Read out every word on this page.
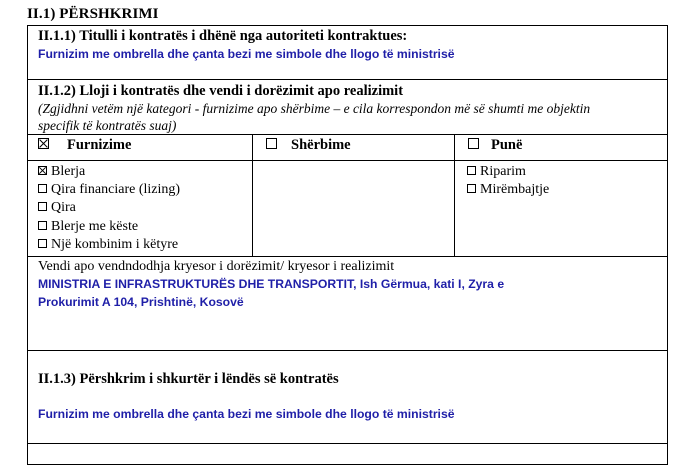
II.1) PËRSHKRIMI
II.1.1) Titulli i kontratës i dhënë nga autoriteti kontraktues:
Furnizim me ombrella dhe çanta bezi me simbole dhe llogo të ministrisë
II.1.2) Lloji i kontratës dhe vendi i dorëzimit apo realizimit
(Zgjidhni vetëm një kategori - furnizime apo shërbime – e cila korrespondon më së shumti me objektin
specifik të kontratës suaj)
Furnizime	Shërbime	Punë
Blerja
Qira financiare (lizing)
Qira
Blerje me këste
Një kombinim i këtyre
Riparim
Mirëmbajtje
Vendi apo vendndodhja kryesor i dorëzimit/ kryesor i realizimit
MINISTRIA E INFRASTRUKTURËS DHE TRANSPORTIT, Ish Gërmua, kati I, Zyra e
Prokurimit A 104, Prishtinë, Kosovë
II.1.3) Përshkrim i shkurtër i lëndës së kontratës
Furnizim me ombrella dhe çanta bezi me simbole dhe llogo të ministrisë
